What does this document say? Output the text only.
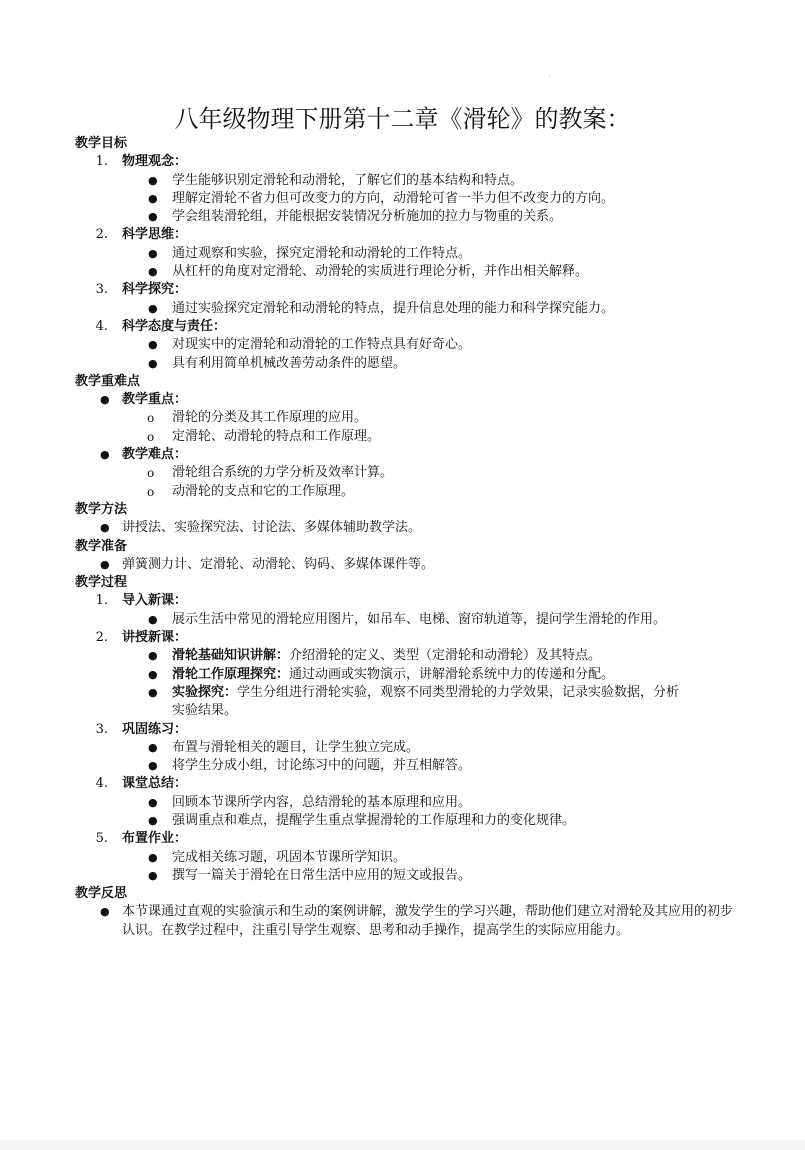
八年级物理下册第十二章《滑轮》的教案：
教学目标
1. 物理观念：
● 学生能够识别定滑轮和动滑轮，了解它们的基本结构和特点。
● 理解定滑轮不省力但可改变力的方向，动滑轮可省一半力但不改变力的方向。
● 学会组装滑轮组，并能根据安装情况分析施加的拉力与物重的关系。
2. 科学思维：
● 通过观察和实验，探究定滑轮和动滑轮的工作特点。
● 从杠杆的角度对定滑轮、动滑轮的实质进行理论分析，并作出相关解释。
3. 科学探究：
● 通过实验探究定滑轮和动滑轮的特点，提升信息处理的能力和科学探究能力。
4. 科学态度与责任：
● 对现实中的定滑轮和动滑轮的工作特点具有好奇心。
● 具有利用简单机械改善劳动条件的愿望。
教学重难点
● 教学重点：
o 滑轮的分类及其工作原理的应用。
o 定滑轮、动滑轮的特点和工作原理。
● 教学难点：
o 滑轮组合系统的力学分析及效率计算。
o 动滑轮的支点和它的工作原理。
教学方法
● 讲授法、实验探究法、讨论法、多媒体辅助教学法。
教学准备
● 弹簧测力计、定滑轮、动滑轮、钩码、多媒体课件等。
教学过程
1. 导入新课：
● 展示生活中常见的滑轮应用图片，如吊车、电梯、窗帘轨道等，提问学生滑轮的作用。
2. 讲授新课：
● 滑轮基础知识讲解：介绍滑轮的定义、类型（定滑轮和动滑轮）及其特点。
● 滑轮工作原理探究：通过动画或实物演示，讲解滑轮系统中力的传递和分配。
● 实验探究：学生分组进行滑轮实验，观察不同类型滑轮的力学效果，记录实验数据，分析
实验结果。
3. 巩固练习：
● 布置与滑轮相关的题目，让学生独立完成。
● 将学生分成小组，讨论练习中的问题，并互相解答。
4. 课堂总结：
● 回顾本节课所学内容，总结滑轮的基本原理和应用。
● 强调重点和难点，提醒学生重点掌握滑轮的工作原理和力的变化规律。
5. 布置作业：
● 完成相关练习题，巩固本节课所学知识。
● 撰写一篇关于滑轮在日常生活中应用的短文或报告。
教学反思
● 本节课通过直观的实验演示和生动的案例讲解，激发学生的学习兴趣，帮助他们建立对滑轮及其应用的初步认识。在教学过程中，注重引导学生观察、思考和动手操作，提高学生的实际应用能力。
